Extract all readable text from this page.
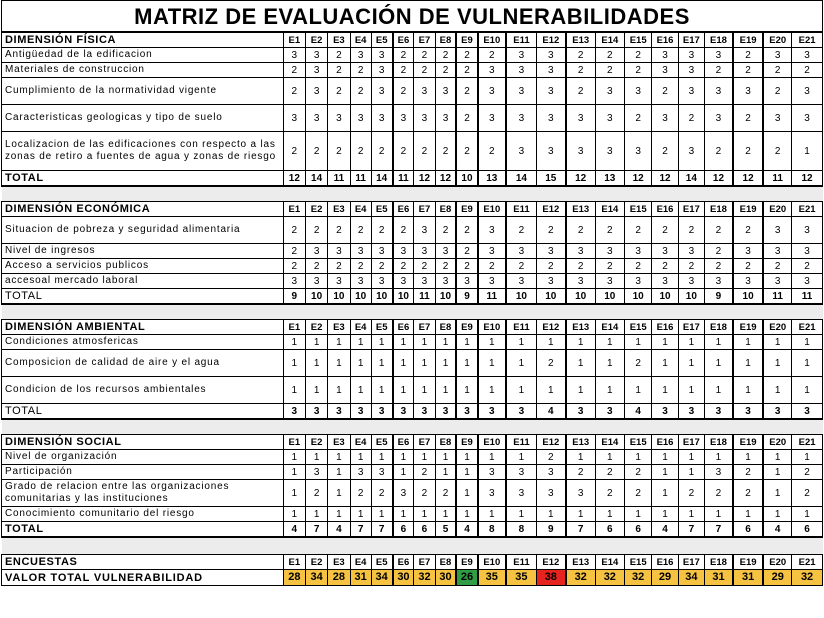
MATRIZ DE EVALUACIÓN DE VULNERABILIDADES																					
DIMENSIÓN FÍSICA	E1	E2	E3	E4	E5	E6	E7	E8	E9	E10	E11	E12	E13	E14	E15	E16	E17	E18	E19	E20	E21
Antigüedad de la edificacion	3	3	2	3	3	2	2	2	2	2	3	3	2	2	2	3	3	3	2	3	3
Materiales de construccion	2	3	2	2	3	2	2	2	2	3	3	3	2	2	2	3	3	2	2	2	2
Cumplimiento de la normatividad vigente	2	3	2	2	3	2	3	3	2	3	3	3	2	3	3	2	3	3	3	2	3
Caracteristicas geologicas y tipo de suelo	3	3	3	3	3	3	3	3	2	3	3	3	3	3	2	3	2	3	2	3	3
Localizacion de las edificaciones con respecto a las zonas de retiro a fuentes de agua y zonas de riesgo	2	2	2	2	2	2	2	2	2	2	3	3	3	3	3	2	3	2	2	2	1
TOTAL	12	14	11	11	14	11	12	12	10	13	14	15	12	13	12	12	14	12	12	11	12

DIMENSIÓN ECONÓMICA	E1	E2	E3	E4	E5	E6	E7	E8	E9	E10	E11	E12	E13	E14	E15	E16	E17	E18	E19	E20	E21
Situacion de pobreza y seguridad alimentaria	2	2	2	2	2	2	3	2	2	3	2	2	2	2	2	2	2	2	2	3	3
Nivel de ingresos	2	3	3	3	3	3	3	3	2	3	3	3	3	3	3	3	3	2	3	3	3
Acceso a servicios publicos	2	2	2	2	2	2	2	2	2	2	2	2	2	2	2	2	2	2	2	2	2
accesoal mercado laboral	3	3	3	3	3	3	3	3	3	3	3	3	3	3	3	3	3	3	3	3	3
TOTAL	9	10	10	10	10	10	11	10	9	11	10	10	10	10	10	10	10	9	10	11	11

DIMENSIÓN AMBIENTAL	E1	E2	E3	E4	E5	E6	E7	E8	E9	E10	E11	E12	E13	E14	E15	E16	E17	E18	E19	E20	E21
Condiciones atmosfericas	1	1	1	1	1	1	1	1	1	1	1	1	1	1	1	1	1	1	1	1	1
Composicion de calidad de aire y el agua	1	1	1	1	1	1	1	1	1	1	1	2	1	1	2	1	1	1	1	1	1
Condicion de los recursos ambientales	1	1	1	1	1	1	1	1	1	1	1	1	1	1	1	1	1	1	1	1	1
TOTAL	3	3	3	3	3	3	3	3	3	3	3	4	3	3	4	3	3	3	3	3	3

DIMENSIÓN SOCIAL	E1	E2	E3	E4	E5	E6	E7	E8	E9	E10	E11	E12	E13	E14	E15	E16	E17	E18	E19	E20	E21
Nivel de organización	1	1	1	1	1	1	1	1	1	1	1	2	1	1	1	1	1	1	1	1	1
Participación	1	3	1	3	3	1	2	1	1	3	3	3	2	2	2	1	1	3	2	1	2
Grado de relacion entre las organizaciones comunitarias y las instituciones	1	2	1	2	2	3	2	2	1	3	3	3	3	2	2	1	2	2	2	1	2
Conocimiento comunitario del riesgo	1	1	1	1	1	1	1	1	1	1	1	1	1	1	1	1	1	1	1	1	1
TOTAL	4	7	4	7	7	6	6	5	4	8	8	9	7	6	6	4	7	7	6	4	6

ENCUESTAS	E1	E2	E3	E4	E5	E6	E7	E8	E9	E10	E11	E12	E13	E14	E15	E16	E17	E18	E19	E20	E21
VALOR TOTAL VULNERABILIDAD	28	34	28	31	34	30	32	30	26	35	35	38	32	32	32	29	34	31	31	29	32
